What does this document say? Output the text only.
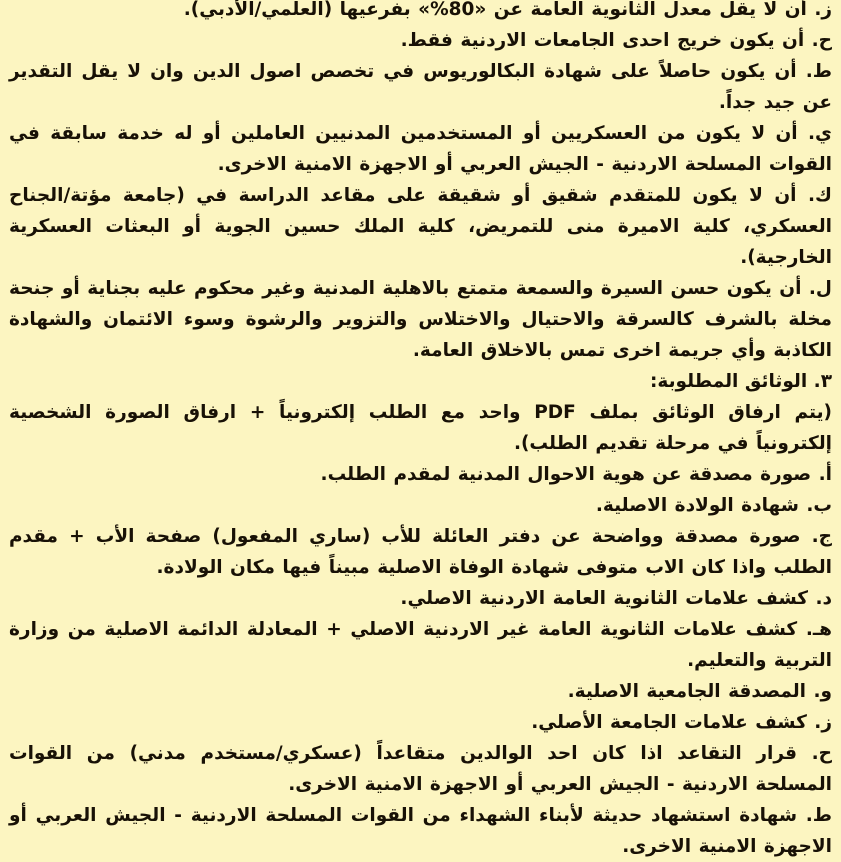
ز. أن لا يقل معدل الثانوية العامة عن «80%» بفرعيها (العلمي/الأدبي).

ح. أن يكون خريج احدى الجامعات الاردنية فقط.

ط. أن يكون حاصلاً على شهادة البكالوريوس في تخصص اصول الدين وان لا يقل التقدير عن جيد جداً.

ي. أن لا يكون من العسكريين أو المستخدمين المدنيين العاملين أو له خدمة سابقة في القوات المسلحة الاردنية - الجيش العربي أو الاجهزة الامنية الاخرى.

ك. أن لا يكون للمتقدم شقيق أو شقيقة على مقاعد الدراسة في (جامعة مؤتة/الجناح العسكري، كلية الاميرة منى للتمريض، كلية الملك حسين الجوية أو البعثات العسكرية الخارجية).

ل. أن يكون حسن السيرة والسمعة متمتع بالاهلية المدنية وغير محكوم عليه بجناية أو جنحة مخلة بالشرف كالسرقة والاحتيال والاختلاس والتزوير والرشوة وسوء الائتمان والشهادة الكاذبة وأي جريمة اخرى تمس بالاخلاق العامة.

٣. الوثائق المطلوبة:

(يتم ارفاق الوثائق بملف PDF واحد مع الطلب إلكترونياً + ارفاق الصورة الشخصية إلكترونياً في مرحلة تقديم الطلب).

أ. صورة مصدقة عن هوية الاحوال المدنية لمقدم الطلب.

ب. شهادة الولادة الاصلية.

ج. صورة مصدقة وواضحة عن دفتر العائلة للأب (ساري المفعول) صفحة الأب + مقدم الطلب واذا كان الاب متوفى شهادة الوفاة الاصلية مبيناً فيها مكان الولادة.

د. كشف علامات الثانوية العامة الاردنية الاصلي.

هـ. كشف علامات الثانوية العامة غير الاردنية الاصلي + المعادلة الدائمة الاصلية من وزارة التربية والتعليم.

و. المصدقة الجامعية الاصلية.

ز. كشف علامات الجامعة الأصلي.

ح. قرار التقاعد اذا كان احد الوالدين متقاعداً (عسكري/مستخدم مدني) من القوات المسلحة الاردنية - الجيش العربي أو الاجهزة الامنية الاخرى.

ط. شهادة استشهاد حديثة لأبناء الشهداء من القوات المسلحة الاردنية - الجيش العربي أو الاجهزة الامنية الاخرى.
